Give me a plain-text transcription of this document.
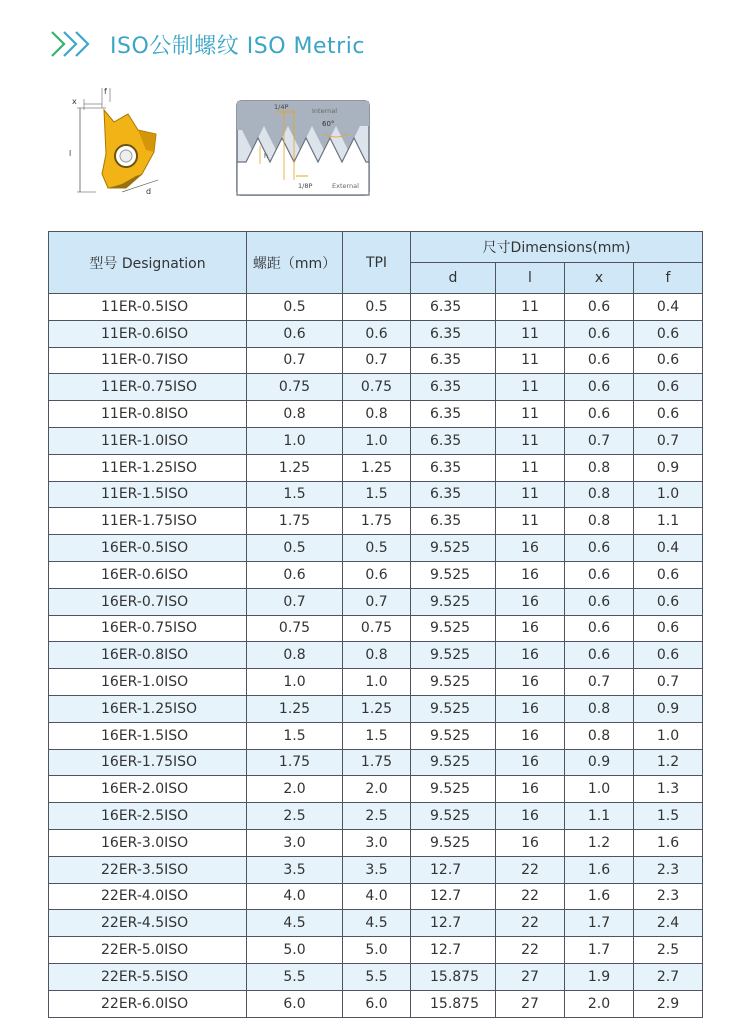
ISO公制螺纹 ISO Metric
x
f
l
d
1/4P	Internal
60°
h
1/8P	External
型号 Designation	螺距（mm）	TPI	尺寸Dimensions(mm)			
			d	l	x	f
11ER-0.5ISO	0.5	0.5	6.35	11	0.6	0.4
11ER-0.6ISO	0.6	0.6	6.35	11	0.6	0.6
11ER-0.7ISO	0.7	0.7	6.35	11	0.6	0.6
11ER-0.75ISO	0.75	0.75	6.35	11	0.6	0.6
11ER-0.8ISO	0.8	0.8	6.35	11	0.6	0.6
11ER-1.0ISO	1.0	1.0	6.35	11	0.7	0.7
11ER-1.25ISO	1.25	1.25	6.35	11	0.8	0.9
11ER-1.5ISO	1.5	1.5	6.35	11	0.8	1.0
11ER-1.75ISO	1.75	1.75	6.35	11	0.8	1.1
16ER-0.5ISO	0.5	0.5	9.525	16	0.6	0.4
16ER-0.6ISO	0.6	0.6	9.525	16	0.6	0.6
16ER-0.7ISO	0.7	0.7	9.525	16	0.6	0.6
16ER-0.75ISO	0.75	0.75	9.525	16	0.6	0.6
16ER-0.8ISO	0.8	0.8	9.525	16	0.6	0.6
16ER-1.0ISO	1.0	1.0	9.525	16	0.7	0.7
16ER-1.25ISO	1.25	1.25	9.525	16	0.8	0.9
16ER-1.5ISO	1.5	1.5	9.525	16	0.8	1.0
16ER-1.75ISO	1.75	1.75	9.525	16	0.9	1.2
16ER-2.0ISO	2.0	2.0	9.525	16	1.0	1.3
16ER-2.5ISO	2.5	2.5	9.525	16	1.1	1.5
16ER-3.0ISO	3.0	3.0	9.525	16	1.2	1.6
22ER-3.5ISO	3.5	3.5	12.7	22	1.6	2.3
22ER-4.0ISO	4.0	4.0	12.7	22	1.6	2.3
22ER-4.5ISO	4.5	4.5	12.7	22	1.7	2.4
22ER-5.0ISO	5.0	5.0	12.7	22	1.7	2.5
22ER-5.5ISO	5.5	5.5	15.875	27	1.9	2.7
22ER-6.0ISO	6.0	6.0	15.875	27	2.0	2.9
